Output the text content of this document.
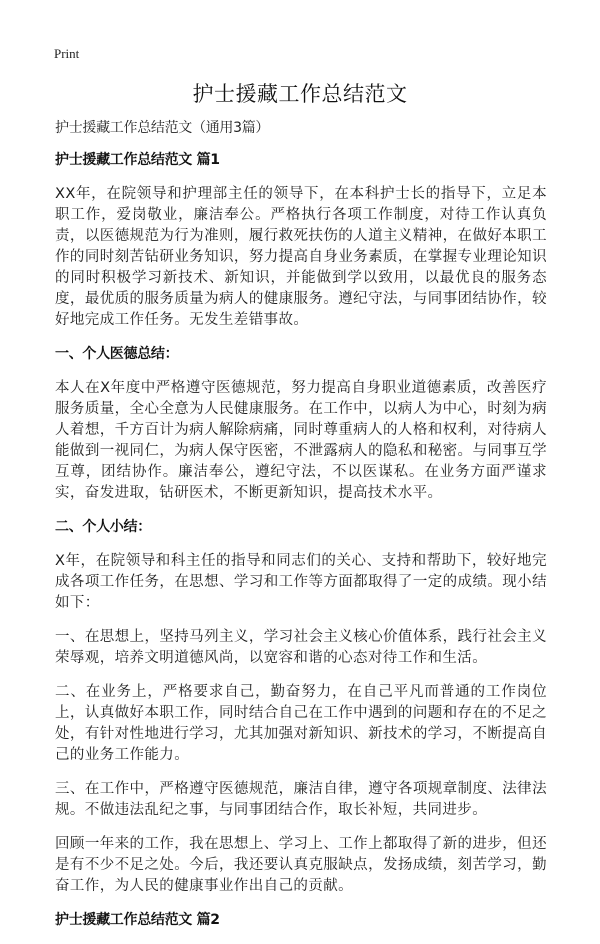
Print
护士援藏工作总结范文

护士援藏工作总结范文（通用3篇）

护士援藏工作总结范文 篇1

XX年，在院领导和护理部主任的领导下，在本科护士长的指导下，立足本职工作，爱岗敬业，廉洁奉公。严格执行各项工作制度，对待工作认真负责，以医德规范为行为准则，履行救死扶伤的人道主义精神，在做好本职工作的同时刻苦钻研业务知识，努力提高自身业务素质，在掌握专业理论知识的同时积极学习新技术、新知识，并能做到学以致用，以最优良的服务态度，最优质的服务质量为病人的健康服务。遵纪守法，与同事团结协作，较好地完成工作任务。无发生差错事故。

一、个人医德总结：

本人在X年度中严格遵守医德规范，努力提高自身职业道德素质，改善医疗服务质量，全心全意为人民健康服务。在工作中，以病人为中心，时刻为病人着想，千方百计为病人解除病痛，同时尊重病人的人格和权利，对待病人能做到一视同仁，为病人保守医密，不泄露病人的隐私和秘密。与同事互学互尊，团结协作。廉洁奉公，遵纪守法，不以医谋私。在业务方面严谨求实，奋发进取，钻研医术，不断更新知识，提高技术水平。

二、个人小结：

X年，在院领导和科主任的指导和同志们的关心、支持和帮助下，较好地完成各项工作任务，在思想、学习和工作等方面都取得了一定的成绩。现小结如下：

一、在思想上，坚持马列主义，学习社会主义核心价值体系，践行社会主义荣辱观，培养文明道德风尚，以宽容和谐的心态对待工作和生活。

二、在业务上，严格要求自己，勤奋努力，在自己平凡而普通的工作岗位上，认真做好本职工作，同时结合自己在工作中遇到的问题和存在的不足之处，有针对性地进行学习，尤其加强对新知识、新技术的学习，不断提高自己的业务工作能力。

三、在工作中，严格遵守医德规范，廉洁自律，遵守各项规章制度、法律法规。不做违法乱纪之事，与同事团结合作，取长补短，共同进步。

回顾一年来的工作，我在思想上、学习上、工作上都取得了新的进步，但还是有不少不足之处。今后，我还要认真克服缺点，发扬成绩，刻苦学习，勤奋工作，为人民的健康事业作出自己的贡献。

护士援藏工作总结范文 篇2
